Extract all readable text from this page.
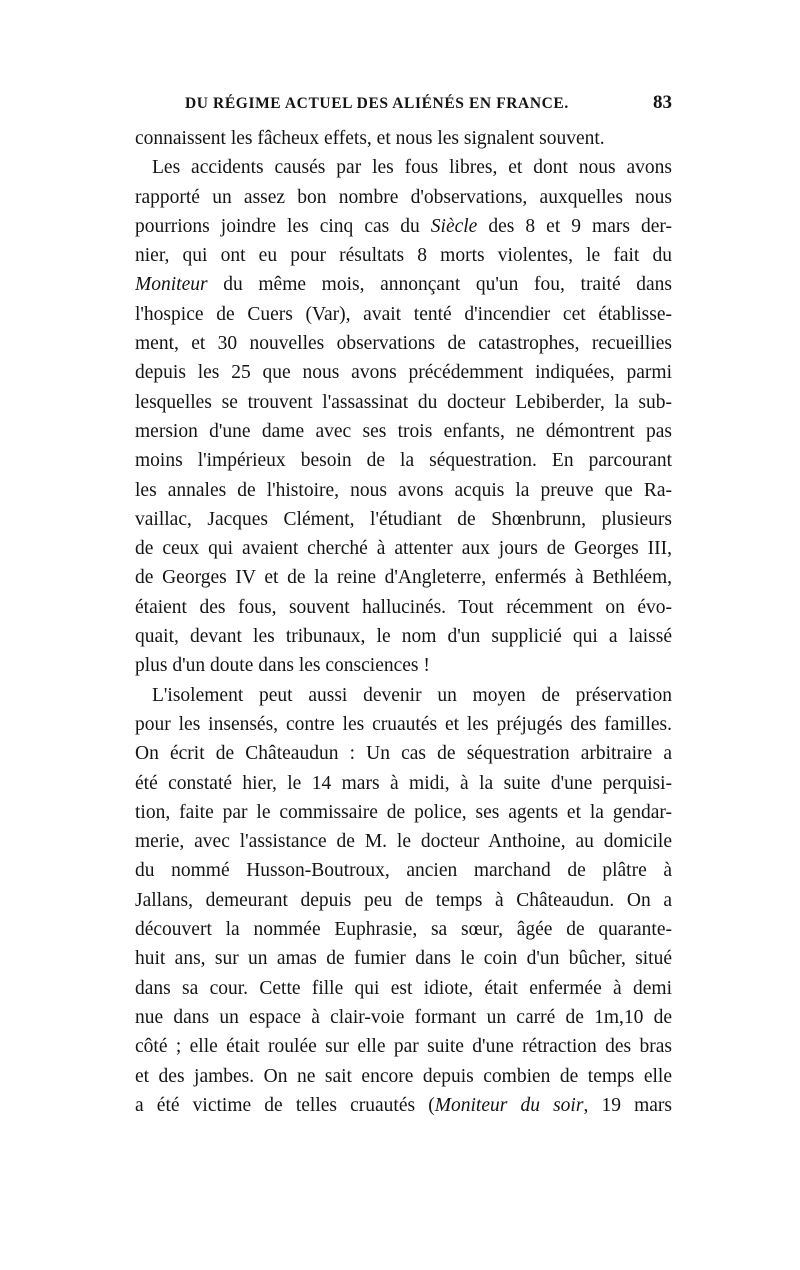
DU RÉGIME ACTUEL DES ALIÉNÉS EN FRANCE.	83
connaissent les fâcheux effets, et nous les signalent souvent.
Les accidents causés par les fous libres, et dont nous avons
rapporté un assez bon nombre d'observations, auxquelles nous
pourrions joindre les cinq cas du Siècle des 8 et 9 mars der-
nier, qui ont eu pour résultats 8 morts violentes, le fait du
Moniteur du même mois, annonçant qu'un fou, traité dans
l'hospice de Cuers (Var), avait tenté d'incendier cet établisse-
ment, et 30 nouvelles observations de catastrophes, recueillies
depuis les 25 que nous avons précédemment indiquées, parmi
lesquelles se trouvent l'assassinat du docteur Lebiberder, la sub-
mersion d'une dame avec ses trois enfants, ne démontrent pas
moins l'impérieux besoin de la séquestration. En parcourant
les annales de l'histoire, nous avons acquis la preuve que Ra-
vaillac, Jacques Clément, l'étudiant de Shœnbrunn, plusieurs
de ceux qui avaient cherché à attenter aux jours de Georges III,
de Georges IV et de la reine d'Angleterre, enfermés à Bethléem,
étaient des fous, souvent hallucinés. Tout récemment on évo-
quait, devant les tribunaux, le nom d'un supplicié qui a laissé
plus d'un doute dans les consciences !
L'isolement peut aussi devenir un moyen de préservation
pour les insensés, contre les cruautés et les préjugés des familles.
On écrit de Châteaudun : Un cas de séquestration arbitraire a
été constaté hier, le 14 mars à midi, à la suite d'une perquisi-
tion, faite par le commissaire de police, ses agents et la gendar-
merie, avec l'assistance de M. le docteur Anthoine, au domicile
du nommé Husson-Boutroux, ancien marchand de plâtre à
Jallans, demeurant depuis peu de temps à Châteaudun. On a
découvert la nommée Euphrasie, sa sœur, âgée de quarante-
huit ans, sur un amas de fumier dans le coin d'un bûcher, situé
dans sa cour. Cette fille qui est idiote, était enfermée à demi
nue dans un espace à clair-voie formant un carré de 1m,10 de
côté ; elle était roulée sur elle par suite d'une rétraction des bras
et des jambes. On ne sait encore depuis combien de temps elle
a été victime de telles cruautés (Moniteur du soir, 19 mars
